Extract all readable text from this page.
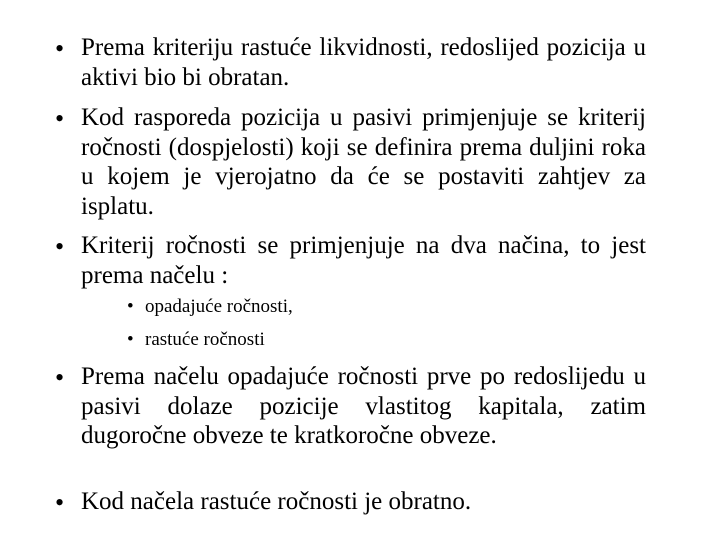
• Prema kriteriju rastuće likvidnosti, redoslijed pozicija u aktivi bio bi obratan.
• Kod rasporeda pozicija u pasivi primjenjuje se kriterij ročnosti (dospjelosti) koji se definira prema duljini roka u kojem je vjerojatno da će se postaviti zahtjev za isplatu.
• Kriterij ročnosti se primjenjuje na dva načina, to jest prema načelu :
• opadajuće ročnosti,
• rastuće ročnosti
• Prema načelu opadajuće ročnosti prve po redoslijedu u pasivi dolaze pozicije vlastitog kapitala, zatim dugoročne obveze te kratkoročne obveze.
• Kod načela rastuće ročnosti je obratno.
